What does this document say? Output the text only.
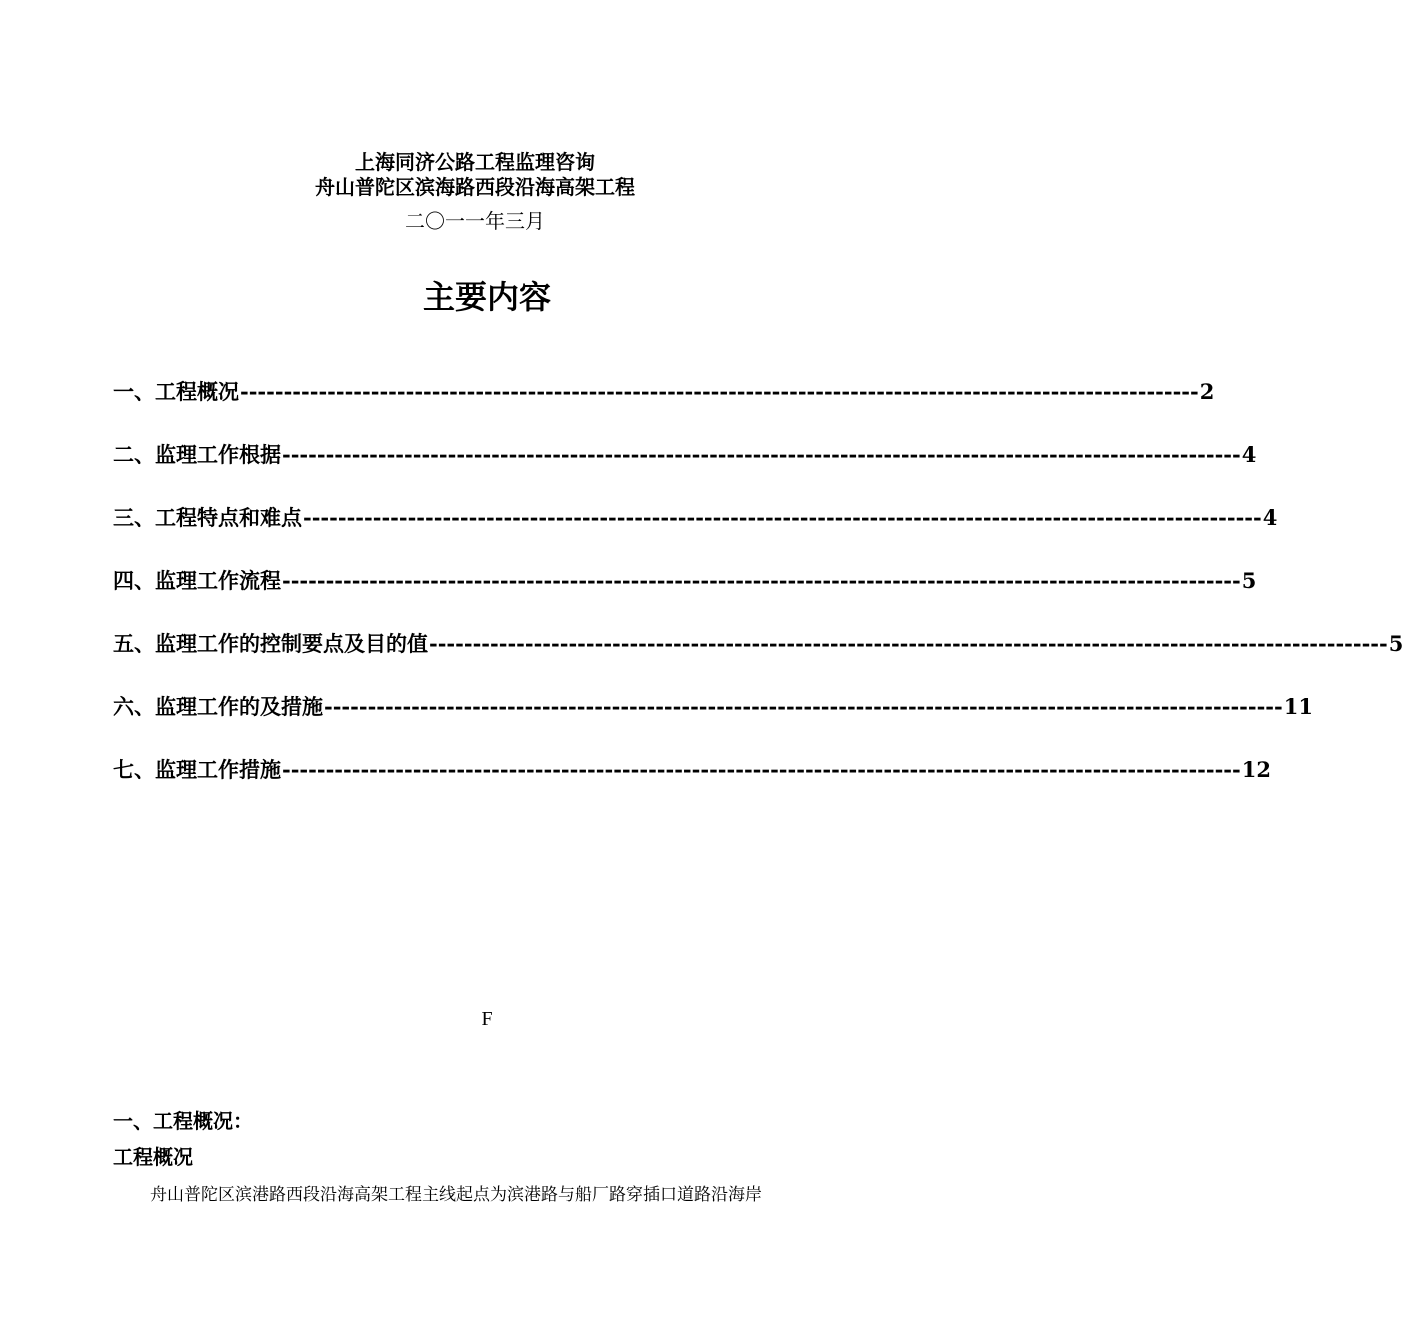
上海同济公路工程监理咨询
舟山普陀区滨海路西段沿海高架工程
二〇一一年三月
主要内容
一、 工程概况 -------------------------------------------------------------------------------------------------------------- 2
二、 监理工作根据 -------------------------------------------------------------------------------------------------------------- 4
三、 工程特点和难点 -------------------------------------------------------------------------------------------------------------- 4
四、 监理工作流程 -------------------------------------------------------------------------------------------------------------- 5
五、 监理工作的控制要点及目的值 -------------------------------------------------------------------------------------------------------------- 5
六、 监理工作的及措施 -------------------------------------------------------------------------------------------------------------- 11
七、 监理工作措施 -------------------------------------------------------------------------------------------------------------- 12
F
一、工程概况：
工程概况
舟山普陀区滨港路西段沿海高架工程主线起点为滨港路与船厂路穿插口道路沿海岸
